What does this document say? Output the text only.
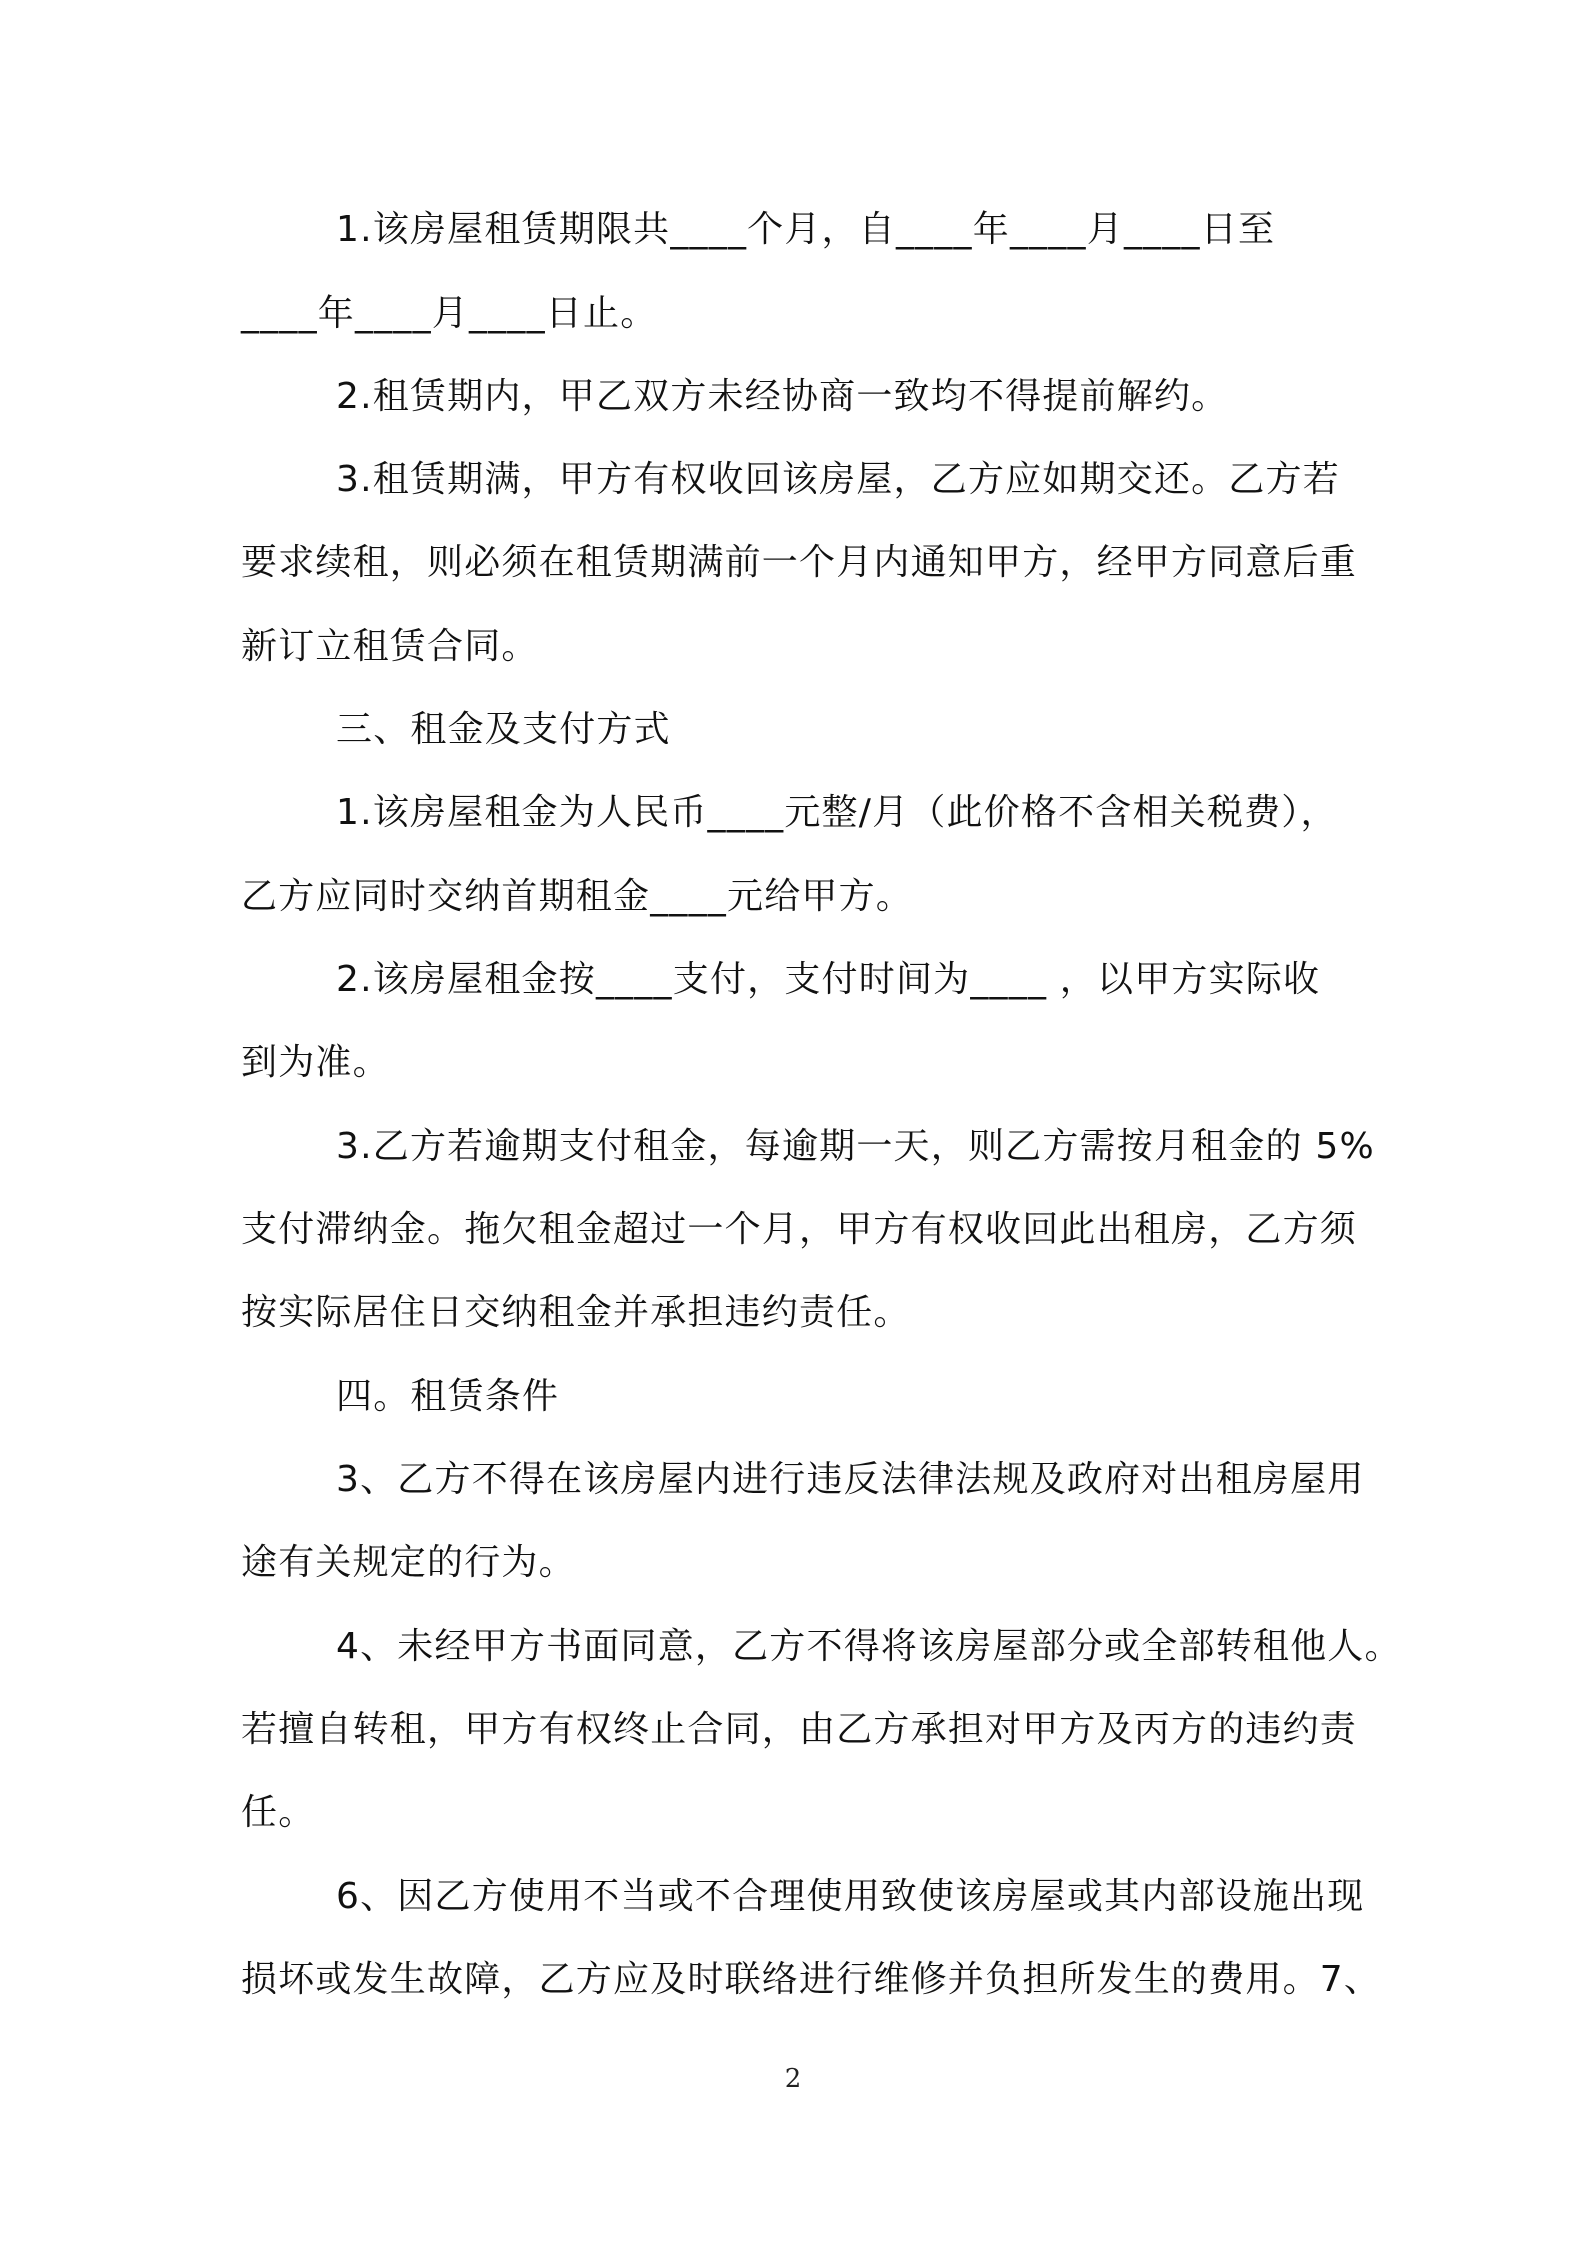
1.该房屋租赁期限共____个月，自____年____月____日至
____年____月____日止。
2.租赁期内，甲乙双方未经协商一致均不得提前解约。
3.租赁期满，甲方有权收回该房屋，乙方应如期交还。乙方若
要求续租，则必须在租赁期满前一个月内通知甲方，经甲方同意后重
新订立租赁合同。
三、租金及支付方式
1.该房屋租金为人民币____元整/月（此价格不含相关税费），
乙方应同时交纳首期租金____元给甲方。
2.该房屋租金按____支付，支付时间为____ ，以甲方实际收
到为准。
3.乙方若逾期支付租金，每逾期一天，则乙方需按月租金的 5%
支付滞纳金。拖欠租金超过一个月，甲方有权收回此出租房，乙方须
按实际居住日交纳租金并承担违约责任。
四。租赁条件
3、乙方不得在该房屋内进行违反法律法规及政府对出租房屋用
途有关规定的行为。
4、未经甲方书面同意，乙方不得将该房屋部分或全部转租他人。
若擅自转租，甲方有权终止合同，由乙方承担对甲方及丙方的违约责
任。
6、因乙方使用不当或不合理使用致使该房屋或其内部设施出现
损坏或发生故障，乙方应及时联络进行维修并负担所发生的费用。7、
2
